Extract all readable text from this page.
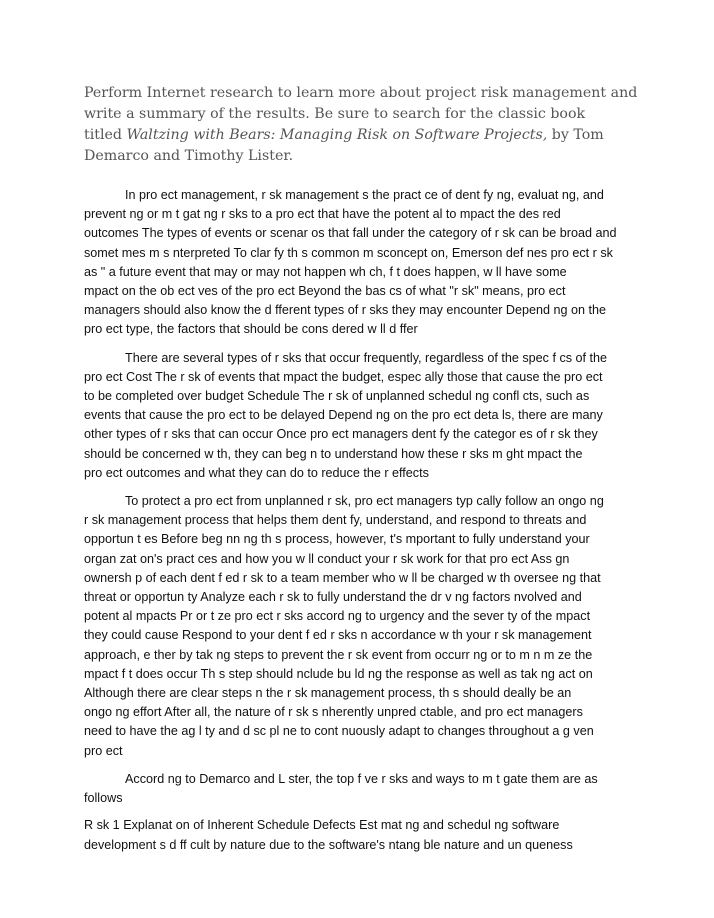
Perform Internet research to learn more about project risk management and
write a summary of the results. Be sure to search for the classic book
titled Waltzing with Bears: Managing Risk on Software Projects, by Tom
Demarco and Timothy Lister.

In pro ect management, r sk management s the pract ce of dent fy ng, evaluat ng, and
prevent ng or m t gat ng r sks to a pro ect that have the potent al to mpact the des red
outcomes The types of events or scenar os that fall under the category of r sk can be broad and
somet mes m s nterpreted To clar fy th s common m sconcept on, Emerson def nes pro ect r sk
as " a future event that may or may not happen wh ch, f t does happen, w ll have some
mpact on the ob ect ves of the pro ect Beyond the bas cs of what "r sk" means, pro ect
managers should also know the d fferent types of r sks they may encounter Depend ng on the
pro ect type, the factors that should be cons dered w ll d ffer

There are several types of r sks that occur frequently, regardless of the spec f cs of the
pro ect Cost The r sk of events that mpact the budget, espec ally those that cause the pro ect
to be completed over budget Schedule The r sk of unplanned schedul ng confl cts, such as
events that cause the pro ect to be delayed Depend ng on the pro ect deta ls, there are many
other types of r sks that can occur Once pro ect managers dent fy the categor es of r sk they
should be concerned w th, they can beg n to understand how these r sks m ght mpact the
pro ect outcomes and what they can do to reduce the r effects

To protect a pro ect from unplanned r sk, pro ect managers typ cally follow an ongo ng
r sk management process that helps them dent fy, understand, and respond to threats and
opportun t es Before beg nn ng th s process, however, t's mportant to fully understand your
organ zat on's pract ces and how you w ll conduct your r sk work for that pro ect Ass gn
ownersh p of each dent f ed r sk to a team member who w ll be charged w th oversee ng that
threat or opportun ty Analyze each r sk to fully understand the dr v ng factors nvolved and
potent al mpacts Pr or t ze pro ect r sks accord ng to urgency and the sever ty of the mpact
they could cause Respond to your dent f ed r sks n accordance w th your r sk management
approach, e ther by tak ng steps to prevent the r sk event from occurr ng or to m n m ze the
mpact f t does occur Th s step should nclude bu ld ng the response as well as tak ng act on
Although there are clear steps n the r sk management process, th s should deally be an
ongo ng effort After all, the nature of r sk s nherently unpred ctable, and pro ect managers
need to have the ag l ty and d sc pl ne to cont nuously adapt to changes throughout a g ven
pro ect

Accord ng to Demarco and L ster, the top f ve r sks and ways to m t gate them are as
follows

R sk 1 Explanat on of Inherent Schedule Defects Est mat ng and schedul ng software
development s d ff cult by nature due to the software's ntang ble nature and un queness
